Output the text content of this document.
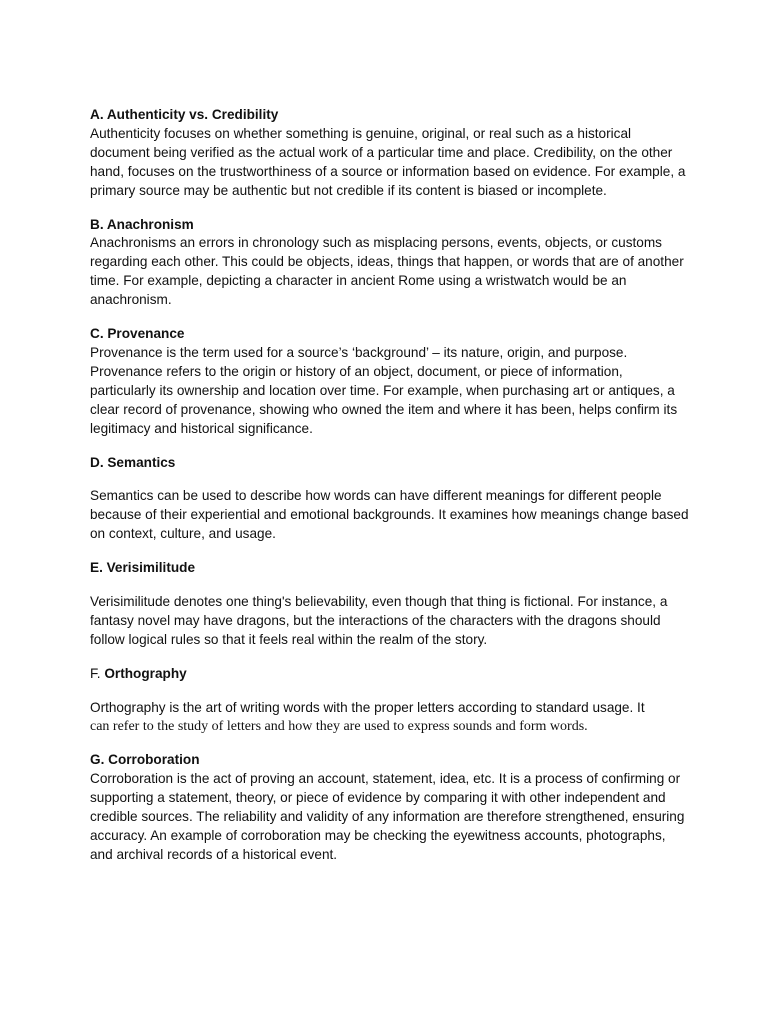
A. Authenticity vs. Credibility

Authenticity focuses on whether something is genuine, original, or real such as a historical document being verified as the actual work of a particular time and place. Credibility, on the other hand, focuses on the trustworthiness of a source or information based on evidence. For example, a primary source may be authentic but not credible if its content is biased or incomplete.

B. Anachronism

Anachronisms an errors in chronology such as misplacing persons, events, objects, or customs regarding each other. This could be objects, ideas, things that happen, or words that are of another time. For example, depicting a character in ancient Rome using a wristwatch would be an anachronism.

C. Provenance

Provenance is the term used for a source’s ‘background’ – its nature, origin, and purpose. Provenance refers to the origin or history of an object, document, or piece of information, particularly its ownership and location over time. For example, when purchasing art or antiques, a clear record of provenance, showing who owned the item and where it has been, helps confirm its legitimacy and historical significance.

D. Semantics

Semantics can be used to describe how words can have different meanings for different people because of their experiential and emotional backgrounds. It examines how meanings change based on context, culture, and usage.

E. Verisimilitude

Verisimilitude denotes one thing's believability, even though that thing is fictional. For instance, a fantasy novel may have dragons, but the interactions of the characters with the dragons should follow logical rules so that it feels real within the realm of the story.

F. Orthography

Orthography is the art of writing words with the proper letters according to standard usage. It

can refer to the study of letters and how they are used to express sounds and form words.

G. Corroboration

Corroboration is the act of proving an account, statement, idea, etc. It is a process of confirming or supporting a statement, theory, or piece of evidence by comparing it with other independent and credible sources. The reliability and validity of any information are therefore strengthened, ensuring accuracy. An example of corroboration may be checking the eyewitness accounts, photographs, and archival records of a historical event.
